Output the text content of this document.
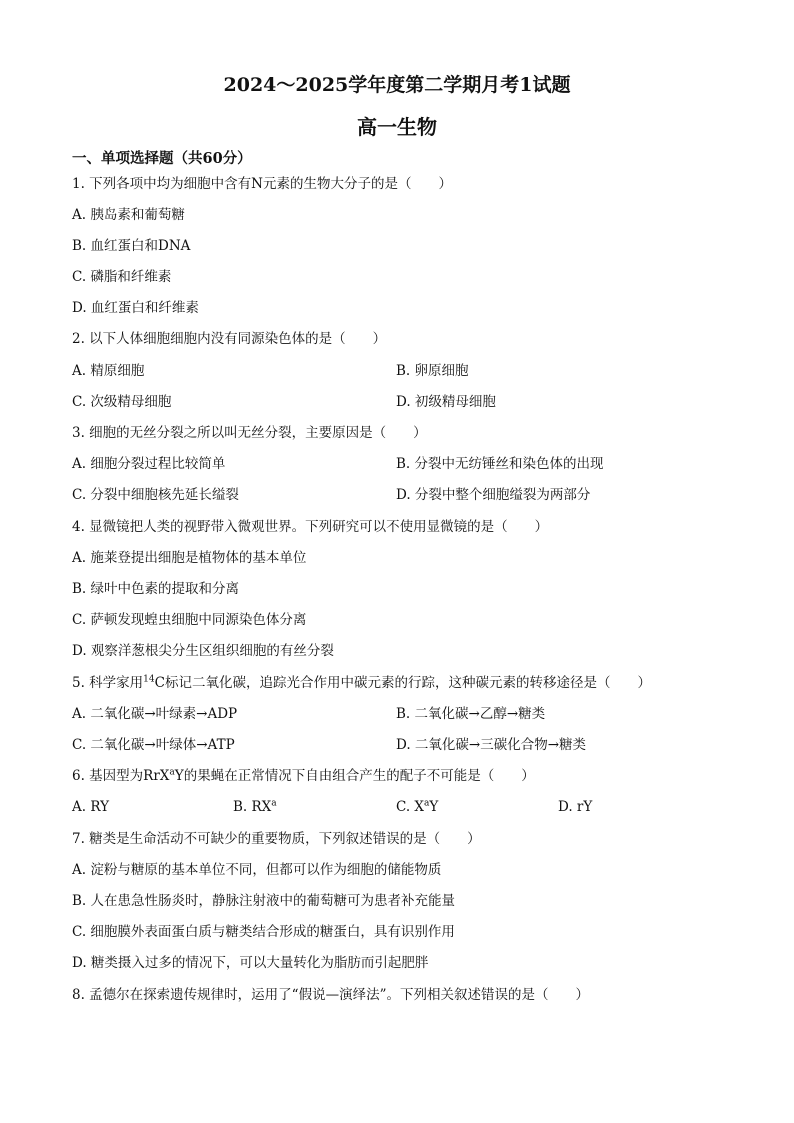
2024～2025学年度第二学期月考1试题
高一生物
一、单项选择题（共60分）
1. 下列各项中均为细胞中含有N元素的生物大分子的是（　　）
A. 胰岛素和葡萄糖
B. 血红蛋白和DNA
C. 磷脂和纤维素
D. 血红蛋白和纤维素
2. 以下人体细胞细胞内没有同源染色体的是（　　）
A. 精原细胞	B. 卵原细胞
C. 次级精母细胞	D. 初级精母细胞
3. 细胞的无丝分裂之所以叫无丝分裂，主要原因是（　　）
A. 细胞分裂过程比较简单	B. 分裂中无纺锤丝和染色体的出现
C. 分裂中细胞核先延长缢裂	D. 分裂中整个细胞缢裂为两部分
4. 显微镜把人类的视野带入微观世界。下列研究可以不使用显微镜的是（　　）
A. 施莱登提出细胞是植物体的基本单位
B. 绿叶中色素的提取和分离
C. 萨顿发现蝗虫细胞中同源染色体分离
D. 观察洋葱根尖分生区组织细胞的有丝分裂
5. 科学家用$^{14}$C标记二氧化碳，追踪光合作用中碳元素的行踪，这种碳元素的转移途径是（　　）
A. 二氧化碳→叶绿素→ADP	B. 二氧化碳→乙醇→糖类
C. 二氧化碳→叶绿体→ATP	D. 二氧化碳→三碳化合物→糖类
6. 基因型为RrX$^a$Y的果蝇在正常情况下自由组合产生的配子不可能是（　　）
A. RY	B. $RX^a$	C. $X^aY$	D. rY
7. 糖类是生命活动不可缺少的重要物质，下列叙述错误的是（　　）
A. 淀粉与糖原的基本单位不同，但都可以作为细胞的储能物质
B. 人在患急性肠炎时，静脉注射液中的葡萄糖可为患者补充能量
C. 细胞膜外表面蛋白质与糖类结合形成的糖蛋白，具有识别作用
D. 糖类摄入过多的情况下，可以大量转化为脂肪而引起肥胖
8. 孟德尔在探索遗传规律时，运用了“假说—演绎法”。下列相关叙述错误的是（　　）
